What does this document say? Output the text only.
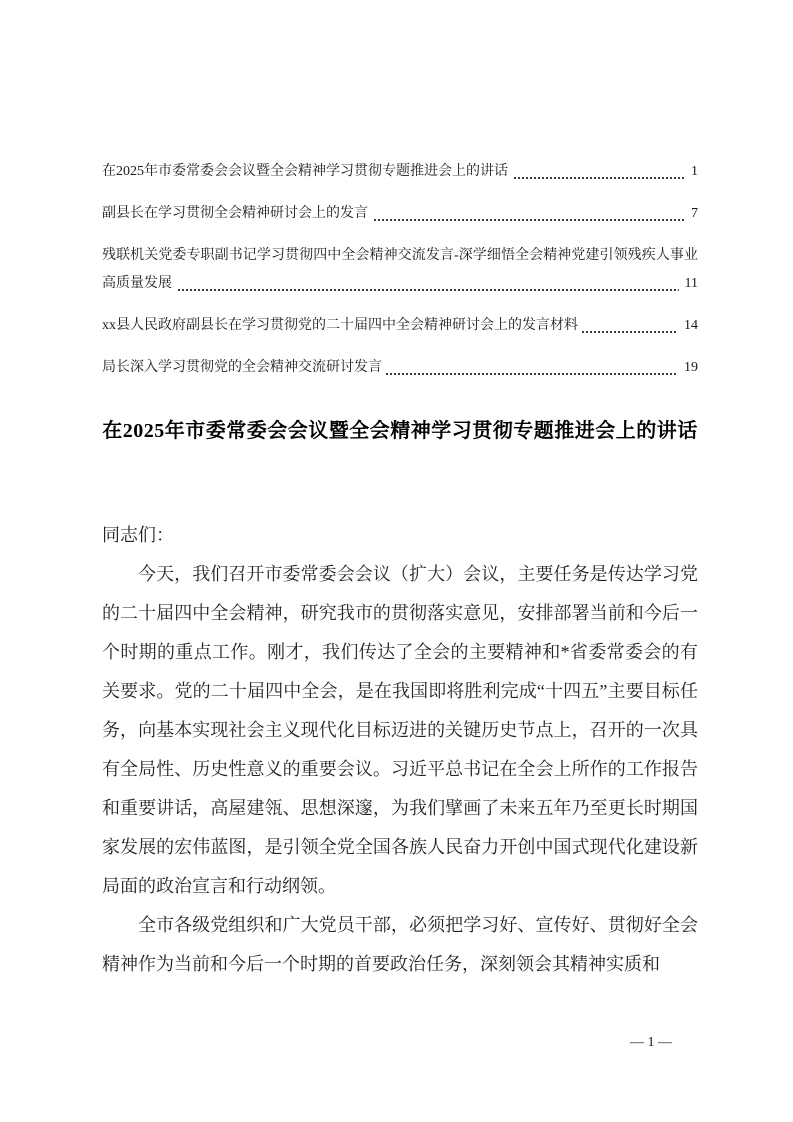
在2025年市委常委会会议暨全会精神学习贯彻专题推进会上的讲话	1
副县长在学习贯彻全会精神研讨会上的发言	7
残联机关党委专职副书记学习贯彻四中全会精神交流发言-深学细悟全会精神党建引领残疾人事业高质量发展	11
xx县人民政府副县长在学习贯彻党的二十届四中全会精神研讨会上的发言材料	14
局长深入学习贯彻党的全会精神交流研讨发言	19
在2025年市委常委会会议暨全会精神学习贯彻专题推进会上的讲话

同志们：

今天，我们召开市委常委会会议（扩大）会议，主要任务是传达学习党的二十届四中全会精神，研究我市的贯彻落实意见，安排部署当前和今后一个时期的重点工作。刚才，我们传达了全会的主要精神和*省委常委会的有关要求。党的二十届四中全会，是在我国即将胜利完成“十四五”主要目标任务，向基本实现社会主义现代化目标迈进的关键历史节点上，召开的一次具有全局性、历史性意义的重要会议。习近平总书记在全会上所作的工作报告和重要讲话，高屋建瓴、思想深邃，为我们擘画了未来五年乃至更长时期国家发展的宏伟蓝图，是引领全党全国各族人民奋力开创中国式现代化建设新局面的政治宣言和行动纲领。

全市各级党组织和广大党员干部，必须把学习好、宣传好、贯彻好全会精神作为当前和今后一个时期的首要政治任务，深刻领会其精神实质和

— 1 —
